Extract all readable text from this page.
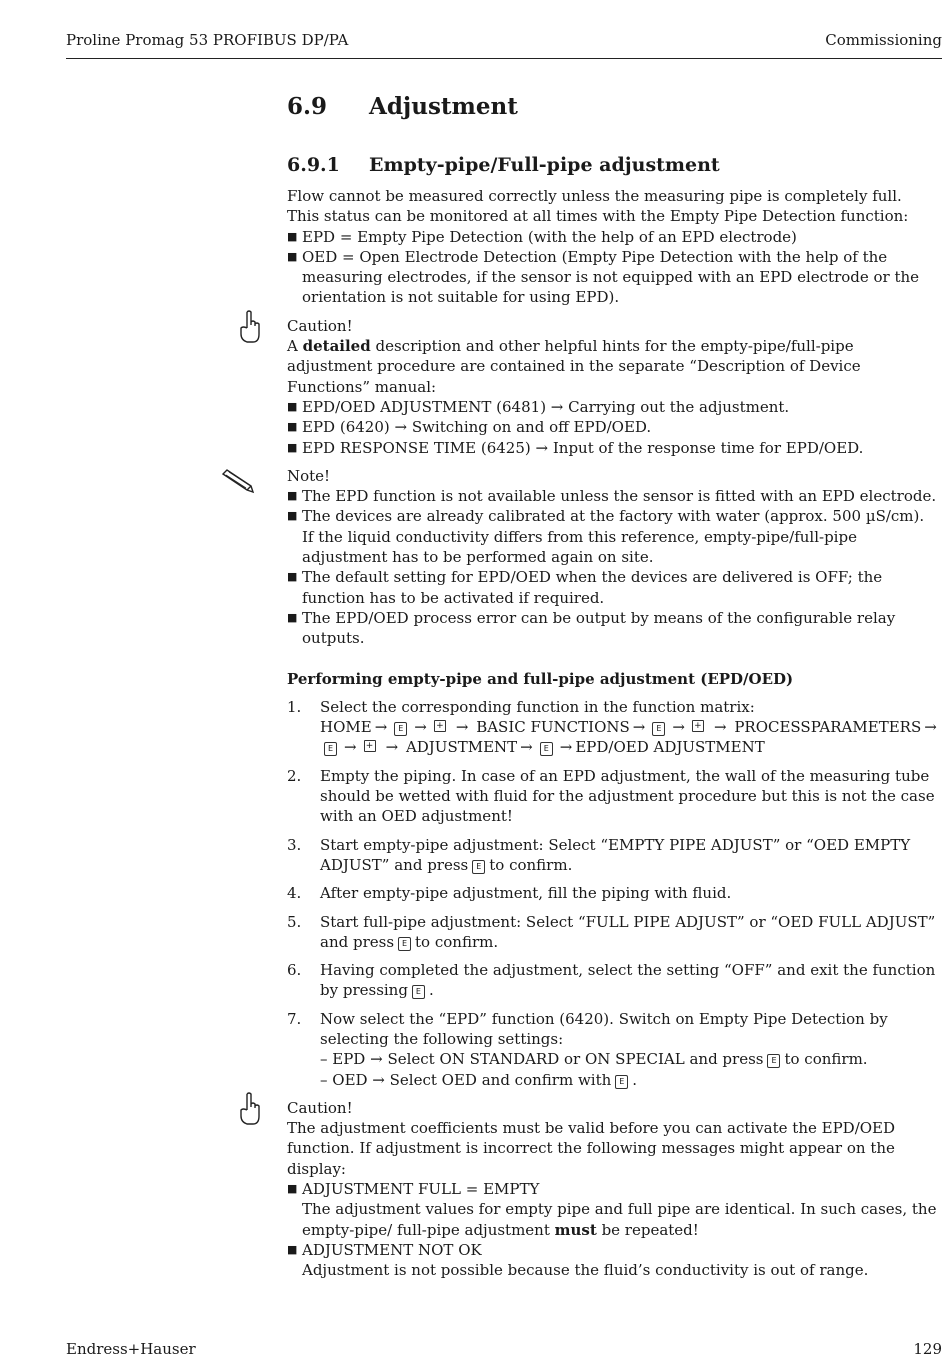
Proline Promag 53 PROFIBUS DP/PA	Commissioning
6.9 Adjustment
6.9.1 Empty-pipe/Full-pipe adjustment

Flow cannot be measured correctly unless the measuring pipe is completely full.

This status can be monitored at all times with the Empty Pipe Detection function:

■ EPD = Empty Pipe Detection (with the help of an EPD electrode)
■ OED = Open Electrode Detection (Empty Pipe Detection with the help of the measuring electrodes, if the sensor is not equipped with an EPD electrode or the orientation is not suitable for using EPD).

Caution!

A detailed description and other helpful hints for the empty-pipe/full-pipe adjustment procedure are contained in the separate “Description of Device Functions” manual:

■ EPD/OED ADJUSTMENT (6481) → Carrying out the adjustment.
■ EPD (6420) → Switching on and off EPD/OED.
■ EPD RESPONSE TIME (6425) → Input of the response time for EPD/OED.

Note!

■ The EPD function is not available unless the sensor is fitted with an EPD electrode.
■ The devices are already calibrated at the factory with water (approx. 500 µS/cm). If the liquid conductivity differs from this reference, empty-pipe/full-pipe adjustment has to be performed again on site.
■ The default setting for EPD/OED when the devices are delivered is OFF; the function has to be activated if required.
■ The EPD/OED process error can be output by means of the configurable relay outputs.

Performing empty-pipe and full-pipe adjustment (EPD/OED)

1. Select the corresponding function in the function matrix:
HOME → E → + → BASIC FUNCTIONS → E → + → PROCESSPARAMETERS →
E → + → ADJUSTMENT → E → EPD/OED ADJUSTMENT
2. Empty the piping. In case of an EPD adjustment, the wall of the measuring tube should be wetted with fluid for the adjustment procedure but this is not the case with an OED adjustment!
3. Start empty-pipe adjustment: Select “EMPTY PIPE ADJUST” or “OED EMPTY ADJUST” and press E to confirm.
4. After empty-pipe adjustment, fill the piping with fluid.
5. Start full-pipe adjustment: Select “FULL PIPE ADJUST” or “OED FULL ADJUST” and press E to confirm.
6. Having completed the adjustment, select the setting “OFF” and exit the function by pressing E .
7. Now select the “EPD” function (6420). Switch on Empty Pipe Detection by selecting the following settings:
– EPD → Select ON STANDARD or ON SPECIAL and press E to confirm.
– OED → Select OED and confirm with E .

Caution!

The adjustment coefficients must be valid before you can activate the EPD/OED function. If adjustment is incorrect the following messages might appear on the display:

■ ADJUSTMENT FULL = EMPTY
The adjustment values for empty pipe and full pipe are identical. In such cases, the empty-pipe/ full-pipe adjustment must be repeated!
■ ADJUSTMENT NOT OK
Adjustment is not possible because the fluid’s conductivity is out of range.
Endress+Hauser	129
